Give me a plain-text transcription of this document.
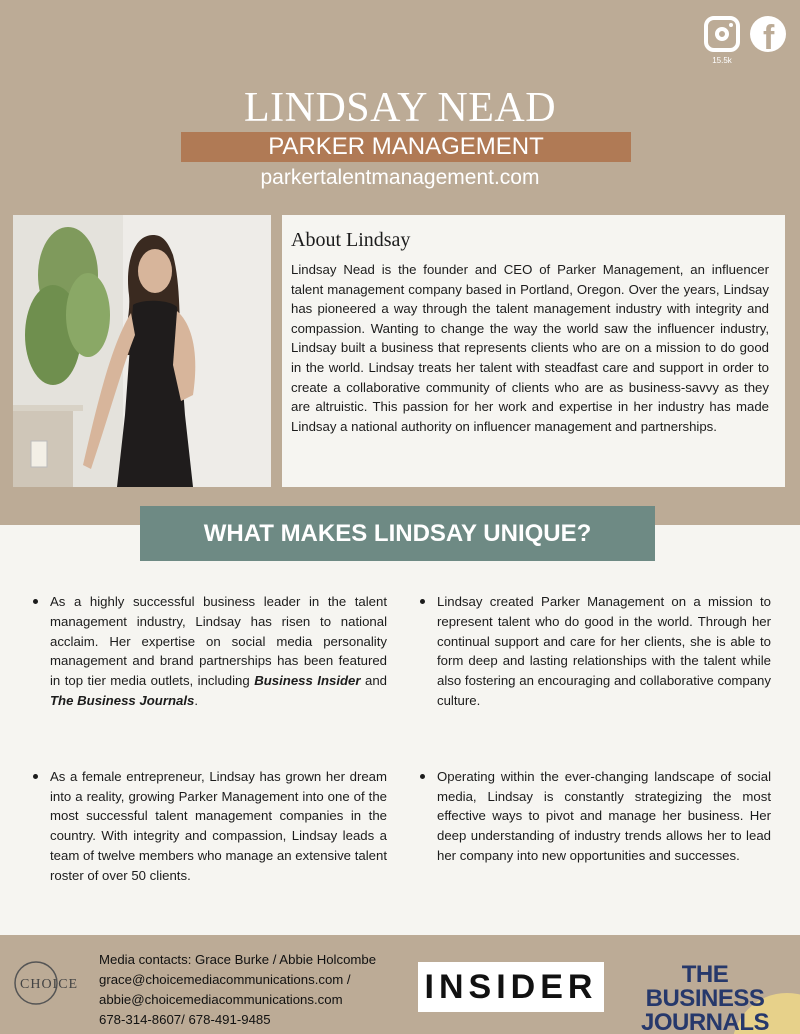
15.5k
f
LINDSAY NEAD
PARKER MANAGEMENT
parkertalentmanagement.com
About Lindsay
Lindsay Nead is the founder and CEO of Parker Management, an influencer talent management company based in Portland, Oregon. Over the years, Lindsay has pioneered a way through the talent management industry with integrity and compassion. Wanting to change the way the world saw the influencer industry, Lindsay built a business that represents clients who are on a mission to do good in the world. Lindsay treats her talent with steadfast care and support in order to create a collaborative community of clients who are as business-savvy as they are altruistic. This passion for her work and expertise in her industry has made Lindsay a national authority on influencer management and partnerships.
WHAT MAKES LINDSAY UNIQUE?
As a highly successful business leader in the talent management industry, Lindsay has risen to national acclaim. Her expertise on social media personality management and brand partnerships has been featured in top tier media outlets, including Business Insider and The Business Journals.
As a female entrepreneur, Lindsay has grown her dream into a reality, growing Parker Management into one of the most successful talent management companies in the country. With integrity and compassion, Lindsay leads a team of twelve members who manage an extensive talent roster of over 50 clients.
Lindsay created Parker Management on a mission to represent talent who do good in the world. Through her continual support and care for her clients, she is able to form deep and lasting relationships with the talent while also fostering an encouraging and collaborative company culture.
Operating within the ever-changing landscape of social media, Lindsay is constantly strategizing the most effective ways to pivot and manage her business. Her deep understanding of industry trends allows her to lead her company into new opportunities and successes.
CHOICE
Media contacts: Grace Burke / Abbie Holcombe
grace@choicemediacommunications.com /
abbie@choicemediacommunications.com
678-314-8607/ 678-491-9485
INSIDER	THE BUSINESS
JOURNALS
